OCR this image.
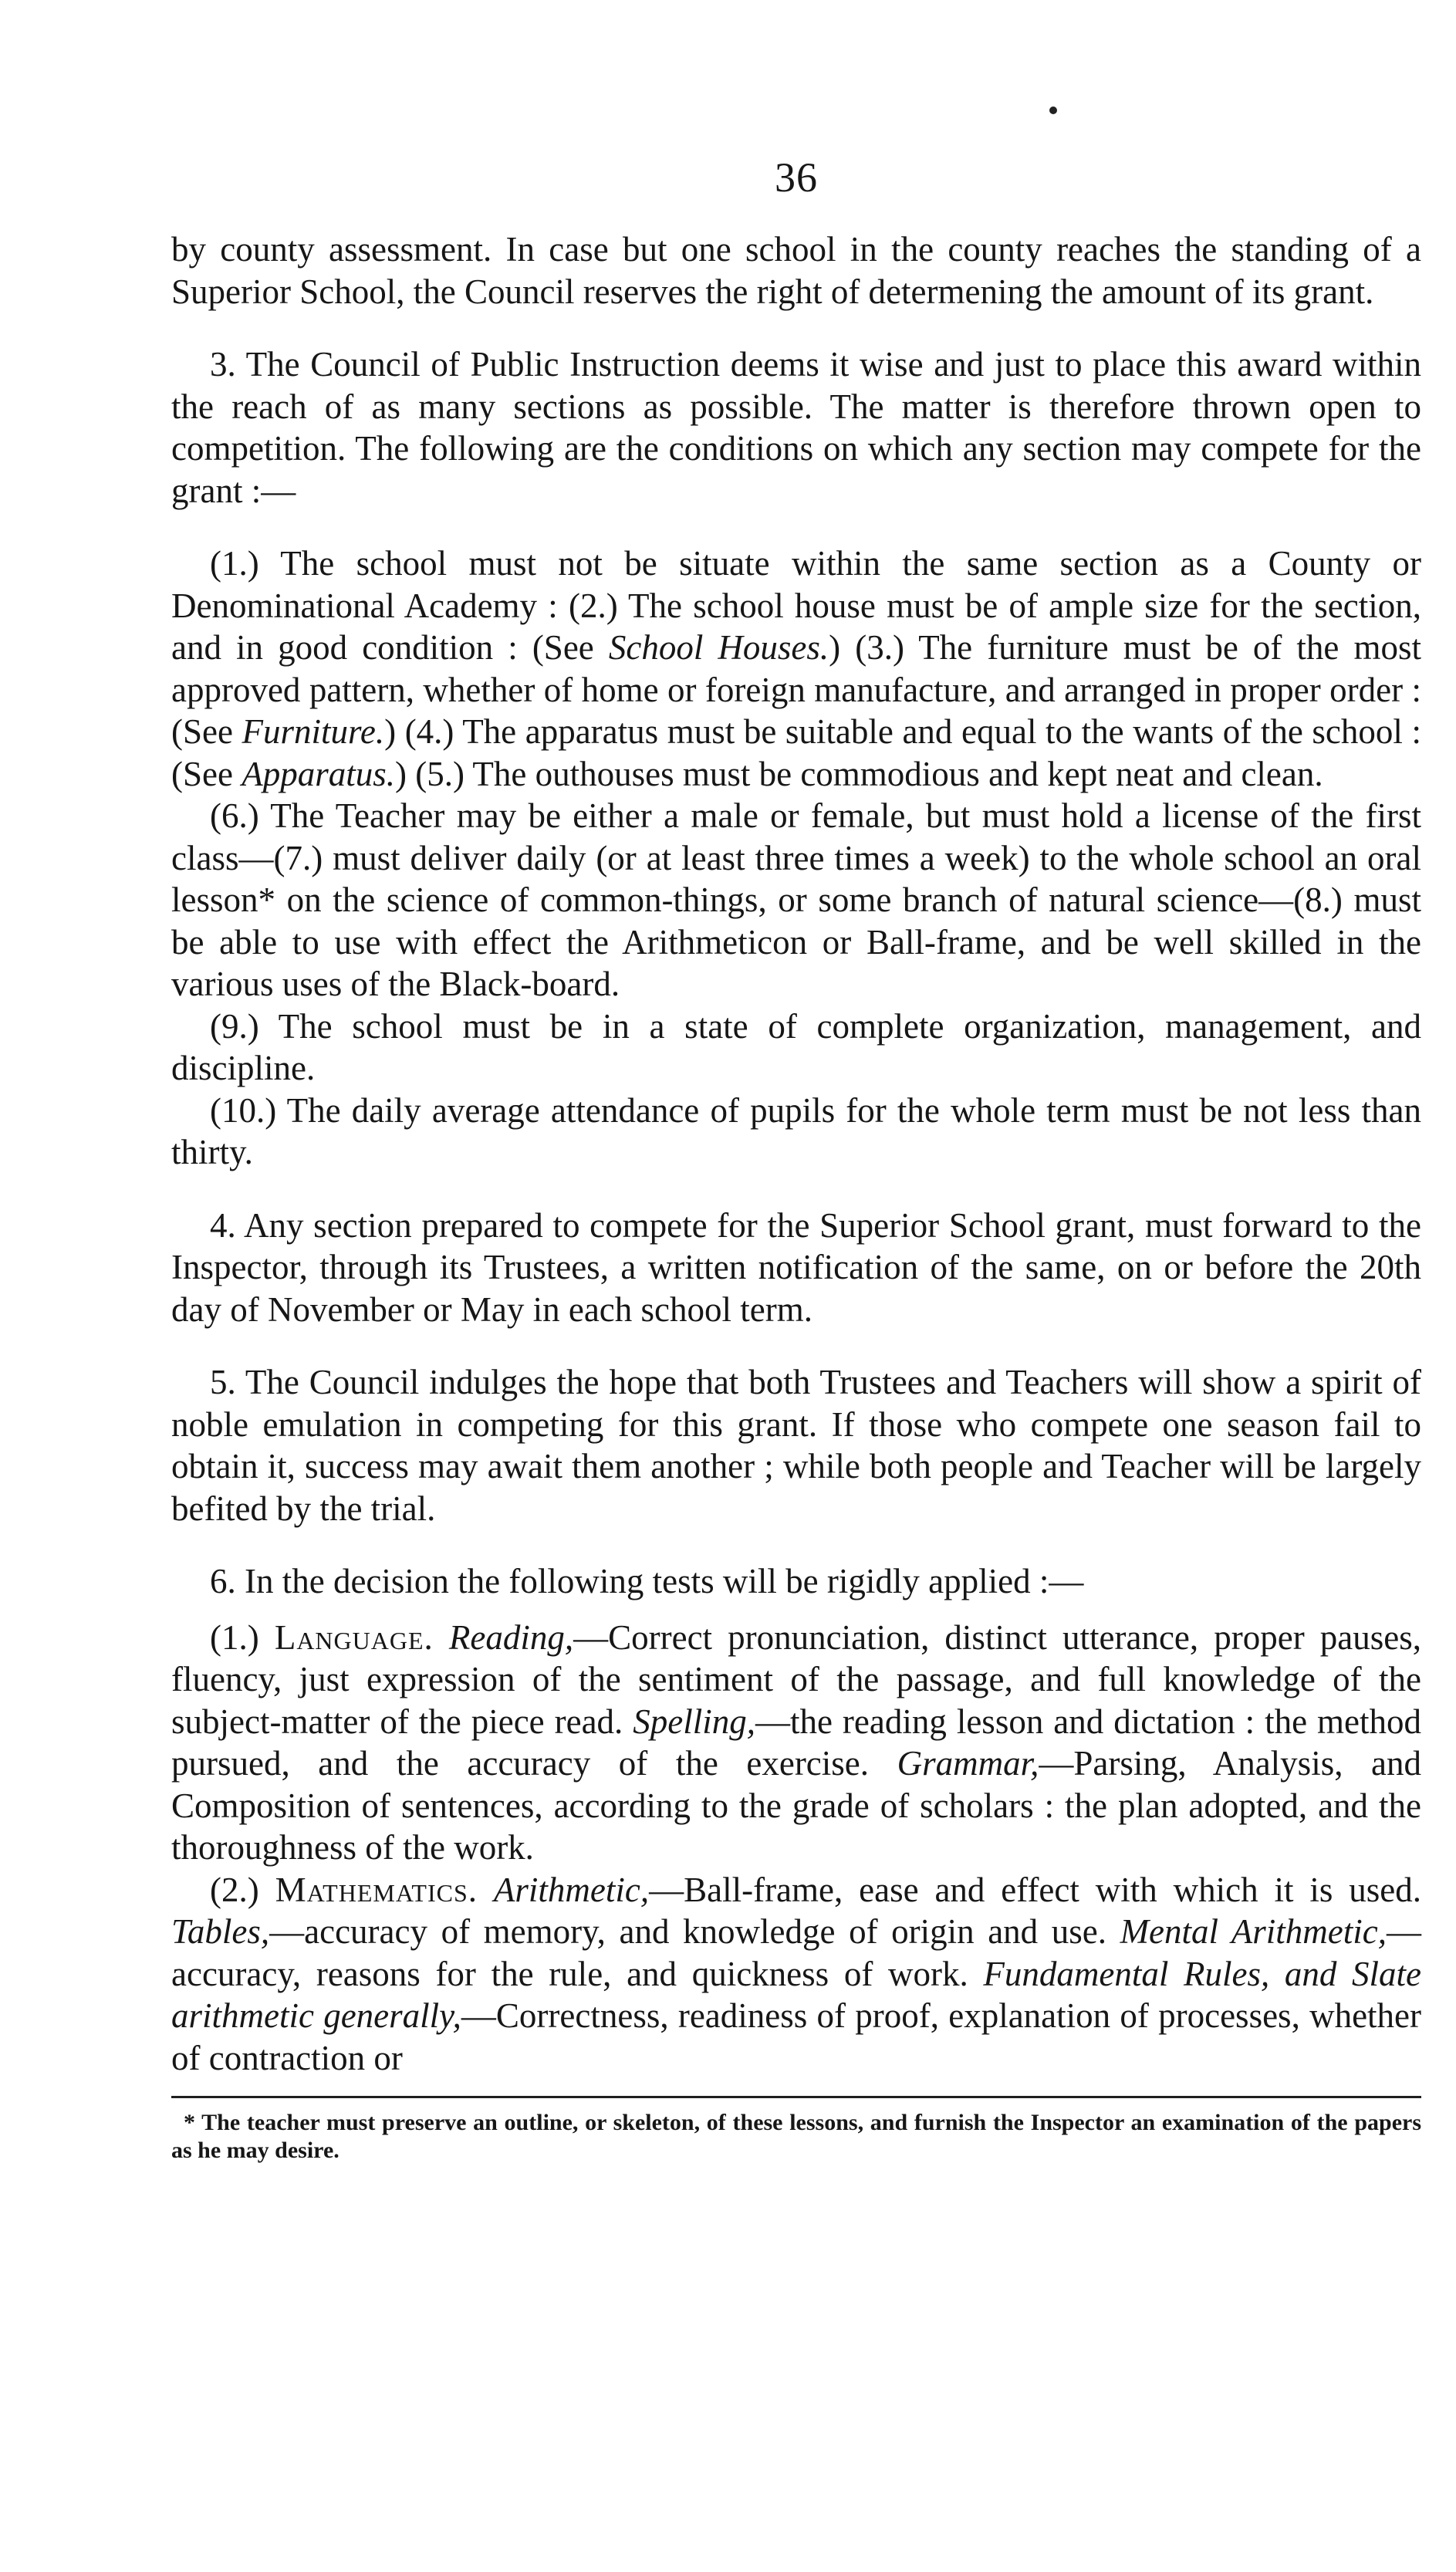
36

by county assessment. In case but one school in the county reaches the standing of a Superior School, the Council reserves the right of determening the amount of its grant.

3. The Council of Public Instruction deems it wise and just to place this award within the reach of as many sections as possible. The matter is therefore thrown open to competition. The following are the conditions on which any section may compete for the grant :—

(1.) The school must not be situate within the same section as a County or Denominational Academy : (2.) The school house must be of ample size for the section, and in good condition : (See School Houses.) (3.) The furniture must be of the most approved pattern, whether of home or foreign manufacture, and arranged in proper order : (See Furniture.) (4.) The apparatus must be suitable and equal to the wants of the school : (See Apparatus.) (5.) The outhouses must be commodious and kept neat and clean.

(6.) The Teacher may be either a male or female, but must hold a license of the first class—(7.) must deliver daily (or at least three times a week) to the whole school an oral lesson* on the science of common-things, or some branch of natural science—(8.) must be able to use with effect the Arithmeticon or Ball-frame, and be well skilled in the various uses of the Black-board.

(9.) The school must be in a state of complete organization, management, and discipline.

(10.) The daily average attendance of pupils for the whole term must be not less than thirty.

4. Any section prepared to compete for the Superior School grant, must forward to the Inspector, through its Trustees, a written notification of the same, on or before the 20th day of November or May in each school term.

5. The Council indulges the hope that both Trustees and Teachers will show a spirit of noble emulation in competing for this grant. If those who compete one season fail to obtain it, success may await them another ; while both people and Teacher will be largely befited by the trial.

6. In the decision the following tests will be rigidly applied :—

(1.) Language. Reading,—Correct pronunciation, distinct utterance, proper pauses, fluency, just expression of the sentiment of the passage, and full knowledge of the subject-matter of the piece read. Spelling,—the reading lesson and dictation : the method pursued, and the accuracy of the exercise. Grammar,—Parsing, Analysis, and Composition of sentences, according to the grade of scholars : the plan adopted, and the thoroughness of the work.

(2.) Mathematics. Arithmetic,—Ball-frame, ease and effect with which it is used. Tables,—accuracy of memory, and knowledge of origin and use. Mental Arithmetic,—accuracy, reasons for the rule, and quickness of work. Fundamental Rules, and Slate arithmetic generally,—Correctness, readiness of proof, explanation of processes, whether of contraction or

* The teacher must preserve an outline, or skeleton, of these lessons, and furnish the Inspector an examination of the papers as he may desire.
